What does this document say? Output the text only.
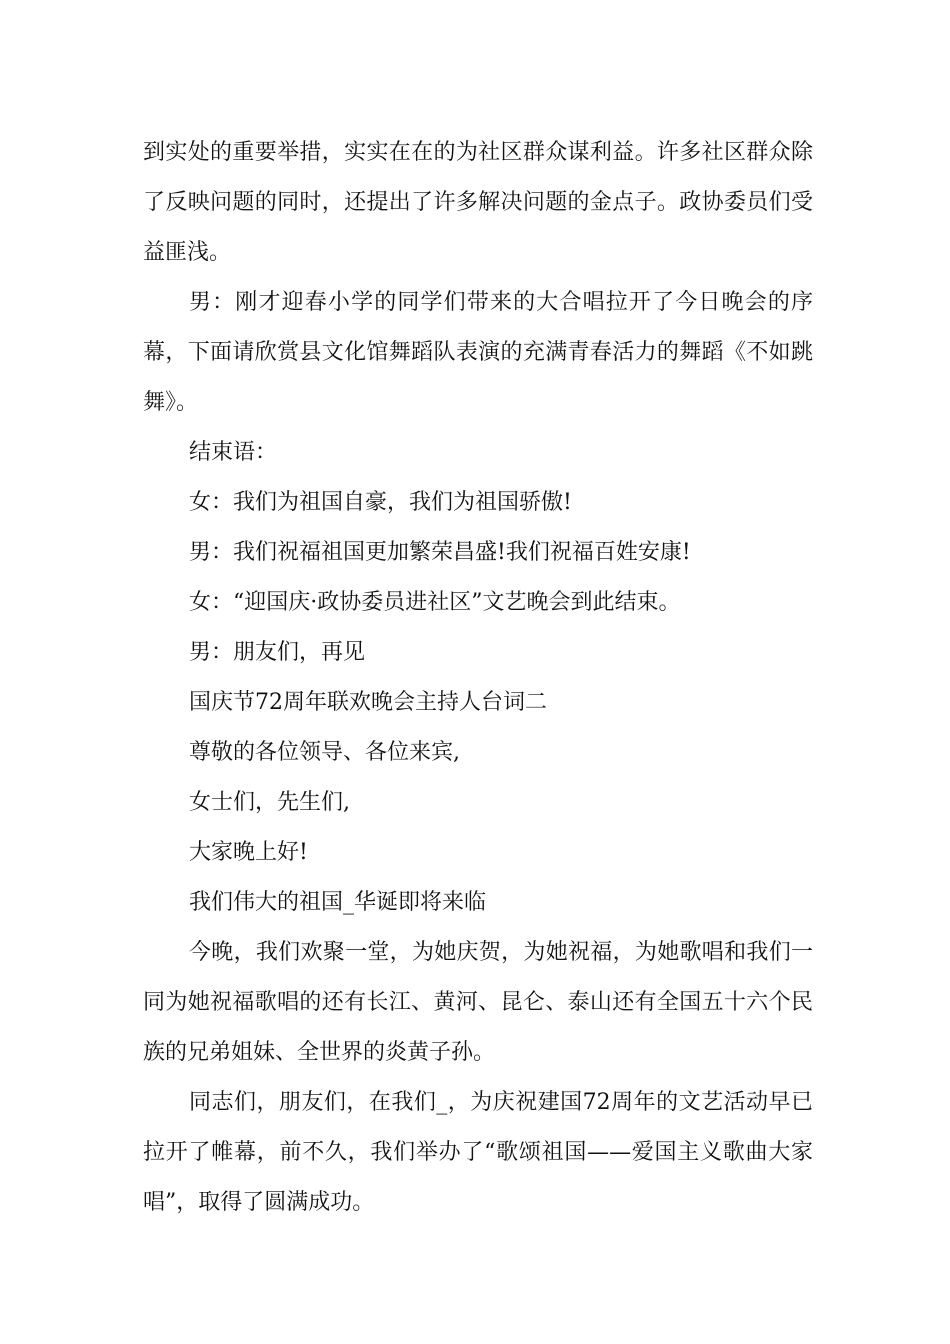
到实处的重要举措，实实在在的为社区群众谋利益。许多社区群众除了反映问题的同时，还提出了许多解决问题的金点子。政协委员们受益匪浅。

男：刚才迎春小学的同学们带来的大合唱拉开了今日晚会的序幕，下面请欣赏县文化馆舞蹈队表演的充满青春活力的舞蹈《不如跳舞》。

结束语：

女：我们为祖国自豪，我们为祖国骄傲!

男：我们祝福祖国更加繁荣昌盛!我们祝福百姓安康!

女：“迎国庆·政协委员进社区”文艺晚会到此结束。

男：朋友们，再见

国庆节72周年联欢晚会主持人台词二

尊敬的各位领导、各位来宾,

女士们，先生们,

大家晚上好!

我们伟大的祖国_华诞即将来临

今晚，我们欢聚一堂，为她庆贺，为她祝福，为她歌唱和我们一同为她祝福歌唱的还有长江、黄河、昆仑、泰山还有全国五十六个民族的兄弟姐妹、全世界的炎黄子孙。

同志们，朋友们，在我们_，为庆祝建国72周年的文艺活动早已拉开了帷幕，前不久，我们举办了“歌颂祖国——爱国主义歌曲大家唱”，取得了圆满成功。
